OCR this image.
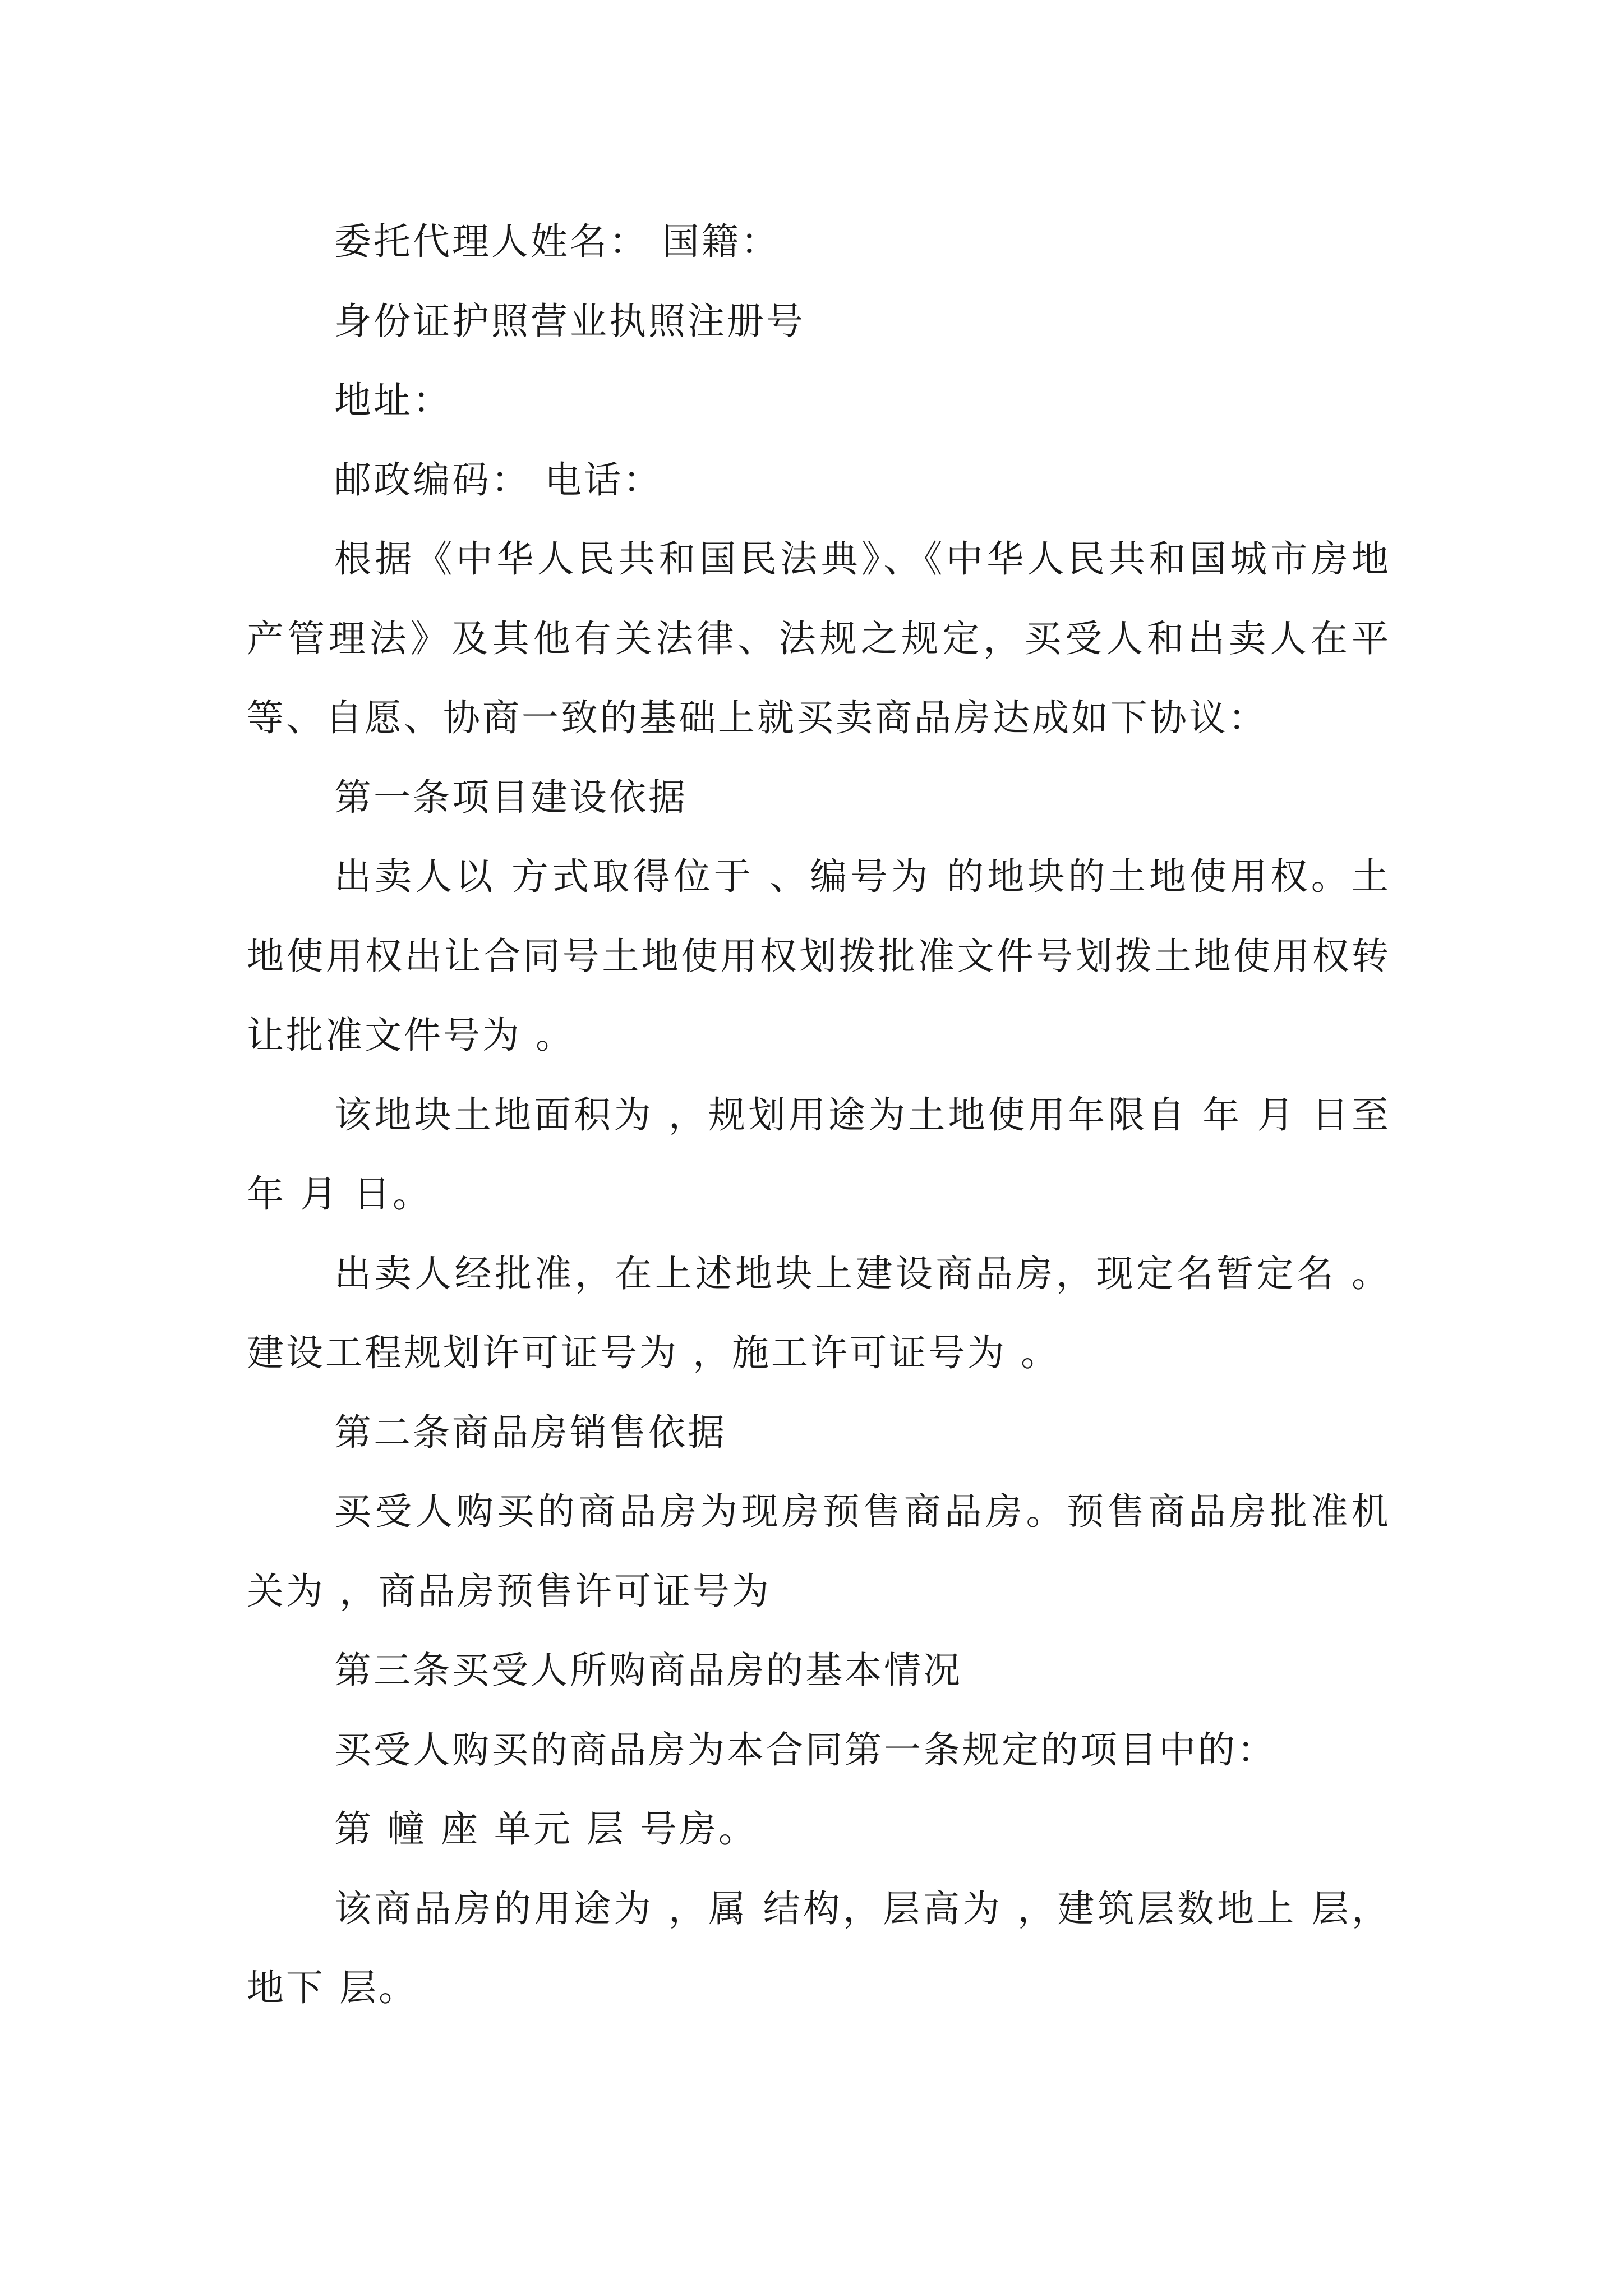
委托代理人姓名： 国籍：

身份证护照营业执照注册号

地址：

邮政编码： 电话：

根据《中华人民共和国民法典》、《中华人民共和国城市房地产管理法》及其他有关法律、法规之规定，买受人和出卖人在平等、自愿、协商一致的基础上就买卖商品房达成如下协议：

第一条项目建设依据

出卖人以 方式取得位于 、编号为 的地块的土地使用权。土地使用权出让合同号土地使用权划拨批准文件号划拨土地使用权转让批准文件号为 。

该地块土地面积为 ，规划用途为土地使用年限自 年 月 日至 年 月 日。

出卖人经批准，在上述地块上建设商品房，现定名暂定名 。建设工程规划许可证号为 ，施工许可证号为 。

第二条商品房销售依据

买受人购买的商品房为现房预售商品房。预售商品房批准机关为 ，商品房预售许可证号为

第三条买受人所购商品房的基本情况

买受人购买的商品房为本合同第一条规定的项目中的：

第 幢 座 单元 层 号房。

该商品房的用途为 ，属 结构，层高为 ，建筑层数地上 层，地下 层。
